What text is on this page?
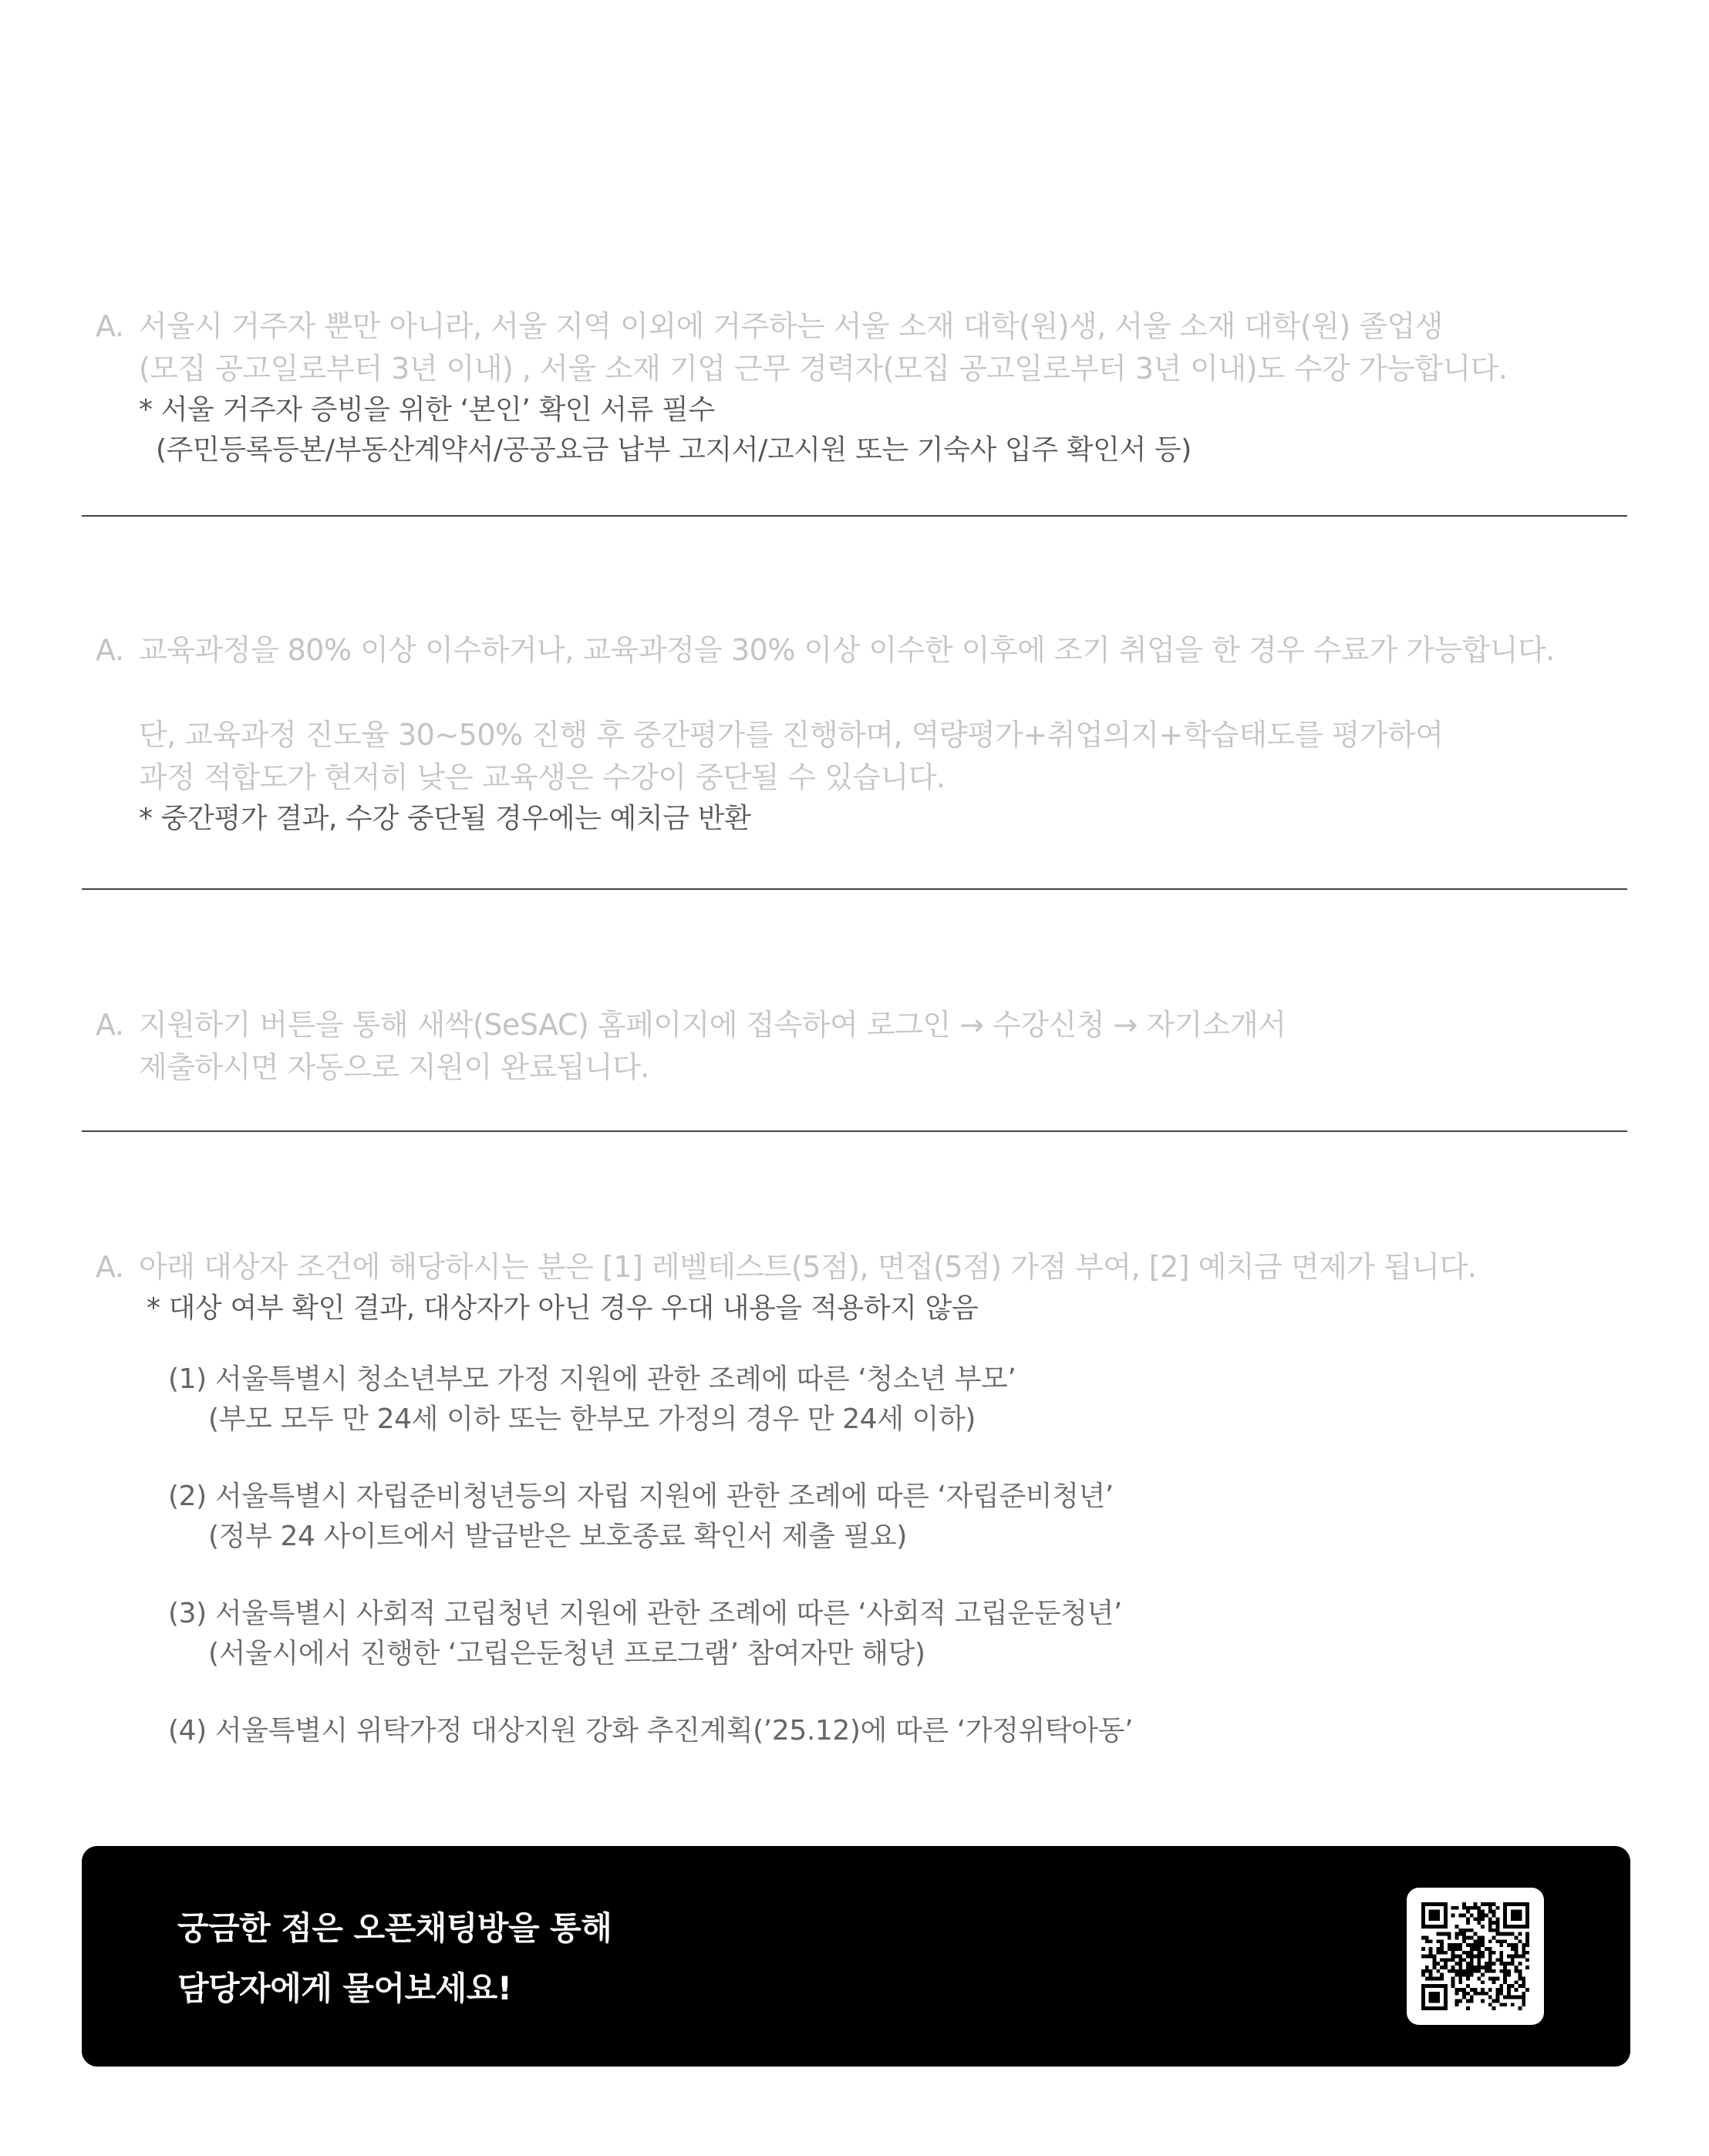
A. 서울시 거주자 뿐만 아니라, 서울 지역 이외에 거주하는 서울 소재 대학(원)생, 서울 소재 대학(원) 졸업생
(모집 공고일로부터 3년 이내) , 서울 소재 기업 근무 경력자(모집 공고일로부터 3년 이내)도 수강 가능합니다.
* 서울 거주자 증빙을 위한 ‘본인’ 확인 서류 필수
(주민등록등본/부동산계약서/공공요금 납부 고지서/고시원 또는 기숙사 입주 확인서 등)
A. 교육과정을 80% 이상 이수하거나, 교육과정을 30% 이상 이수한 이후에 조기 취업을 한 경우 수료가 가능합니다.
단, 교육과정 진도율 30~50% 진행 후 중간평가를 진행하며, 역량평가+취업의지+학습태도를 평가하여
과정 적합도가 현저히 낮은 교육생은 수강이 중단될 수 있습니다.
* 중간평가 결과, 수강 중단될 경우에는 예치금 반환
A. 지원하기 버튼을 통해 새싹(SeSAC) 홈페이지에 접속하여 로그인 → 수강신청 → 자기소개서
제출하시면 자동으로 지원이 완료됩니다.
A. 아래 대상자 조건에 해당하시는 분은 [1] 레벨테스트(5점), 면접(5점) 가점 부여, [2] 예치금 면제가 됩니다.
* 대상 여부 확인 결과, 대상자가 아닌 경우 우대 내용을 적용하지 않음
(1) 서울특별시 청소년부모 가정 지원에 관한 조례에 따른 ‘청소년 부모’
(부모 모두 만 24세 이하 또는 한부모 가정의 경우 만 24세 이하)
(2) 서울특별시 자립준비청년등의 자립 지원에 관한 조례에 따른 ‘자립준비청년’
(정부 24 사이트에서 발급받은 보호종료 확인서 제출 필요)
(3) 서울특별시 사회적 고립청년 지원에 관한 조례에 따른 ‘사회적 고립운둔청년’
(서울시에서 진행한 ‘고립은둔청년 프로그램’ 참여자만 해당)
(4) 서울특별시 위탁가정 대상지원 강화 추진계획(’25.12)에 따른 ‘가정위탁아동’
궁금한 점은 오픈채팅방을 통해
담당자에게 물어보세요!
